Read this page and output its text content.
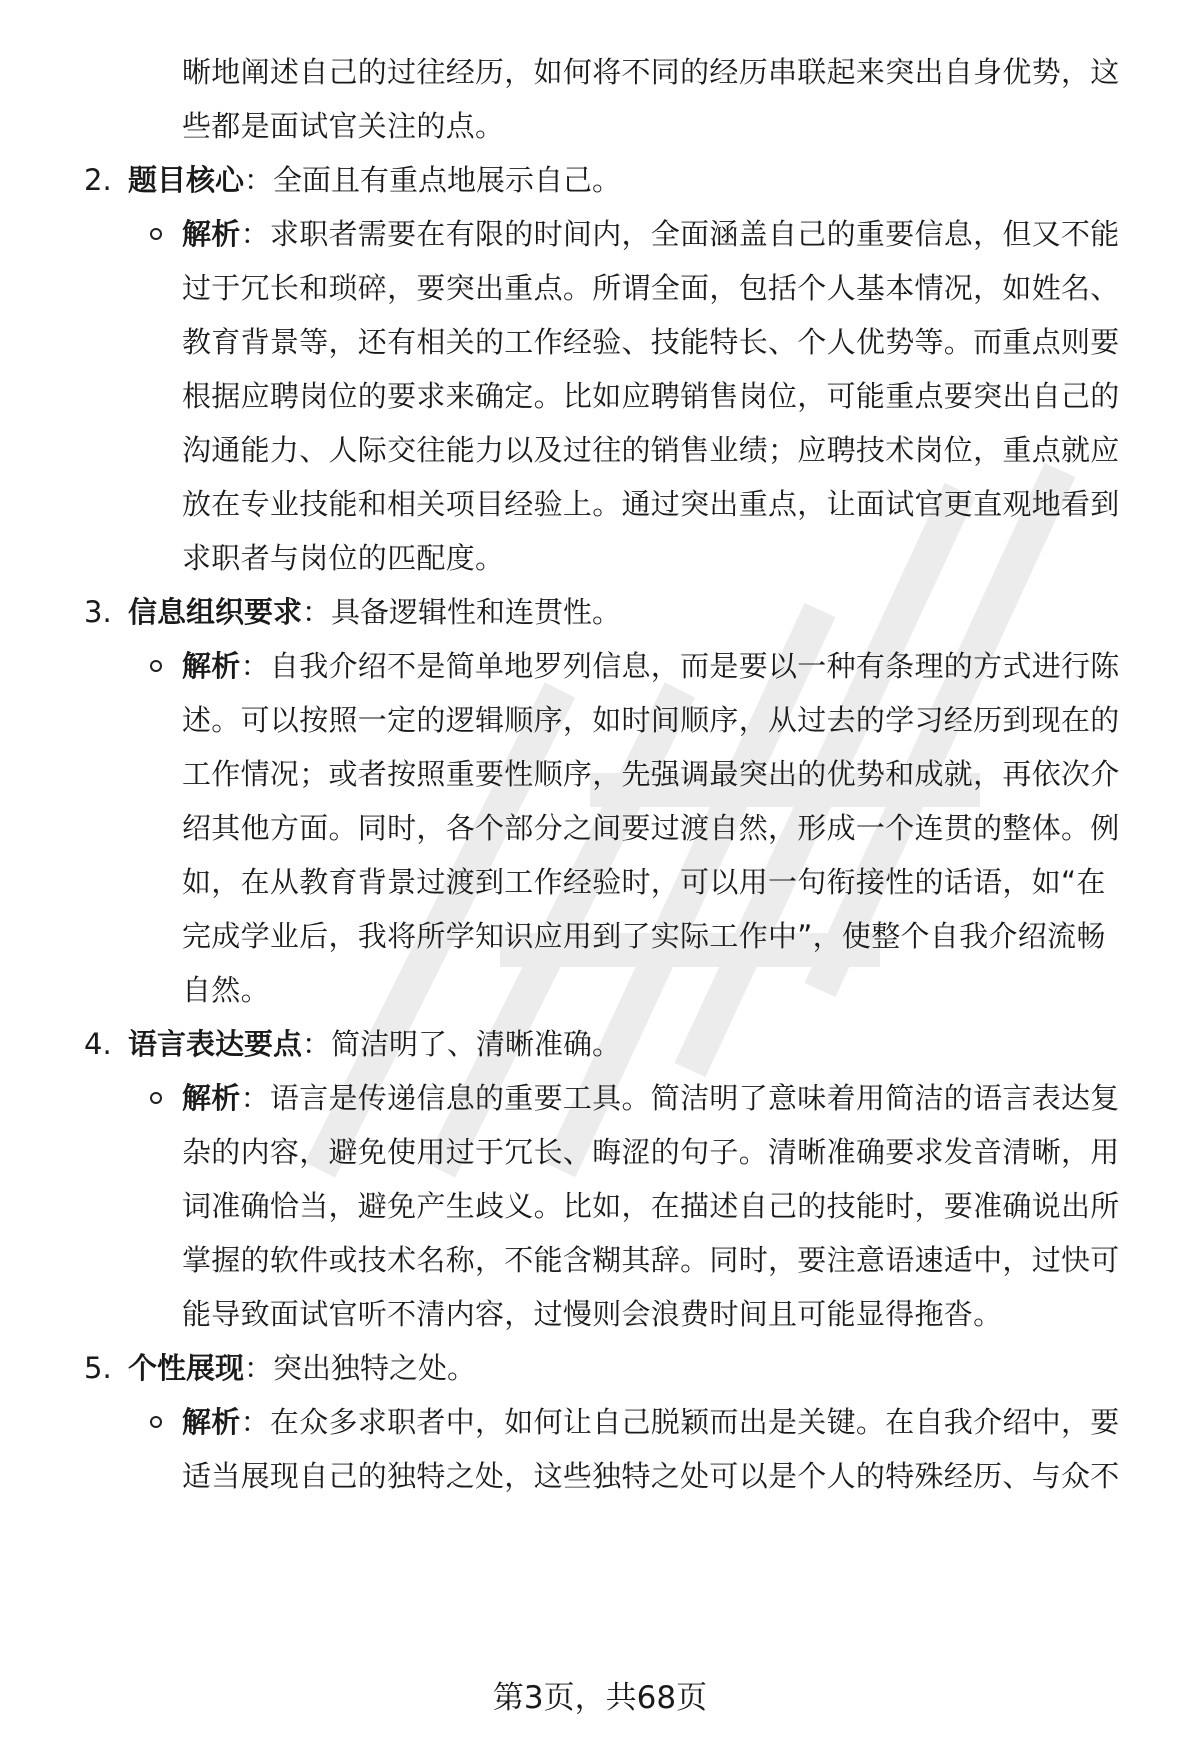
晰地阐述自己的过往经历，如何将不同的经历串联起来突出自身优势，这
些都是面试官关注的点。
2. 题目核心：全面且有重点地展示自己。
解析：求职者需要在有限的时间内，全面涵盖自己的重要信息，但又不能
过于冗长和琐碎，要突出重点。所谓全面，包括个人基本情况，如姓名、
教育背景等，还有相关的工作经验、技能特长、个人优势等。而重点则要
根据应聘岗位的要求来确定。比如应聘销售岗位，可能重点要突出自己的
沟通能力、人际交往能力以及过往的销售业绩；应聘技术岗位，重点就应
放在专业技能和相关项目经验上。通过突出重点，让面试官更直观地看到
求职者与岗位的匹配度。
3. 信息组织要求：具备逻辑性和连贯性。
解析：自我介绍不是简单地罗列信息，而是要以一种有条理的方式进行陈
述。可以按照一定的逻辑顺序，如时间顺序，从过去的学习经历到现在的
工作情况；或者按照重要性顺序，先强调最突出的优势和成就，再依次介
绍其他方面。同时，各个部分之间要过渡自然，形成一个连贯的整体。例
如，在从教育背景过渡到工作经验时，可以用一句衔接性的话语，如“在
完成学业后，我将所学知识应用到了实际工作中”，使整个自我介绍流畅
自然。
4. 语言表达要点：简洁明了、清晰准确。
解析：语言是传递信息的重要工具。简洁明了意味着用简洁的语言表达复
杂的内容，避免使用过于冗长、晦涩的句子。清晰准确要求发音清晰，用
词准确恰当，避免产生歧义。比如，在描述自己的技能时，要准确说出所
掌握的软件或技术名称，不能含糊其辞。同时，要注意语速适中，过快可
能导致面试官听不清内容，过慢则会浪费时间且可能显得拖沓。
5. 个性展现：突出独特之处。
解析：在众多求职者中，如何让自己脱颖而出是关键。在自我介绍中，要
适当展现自己的独特之处，这些独特之处可以是个人的特殊经历、与众不
第3页，共68页
